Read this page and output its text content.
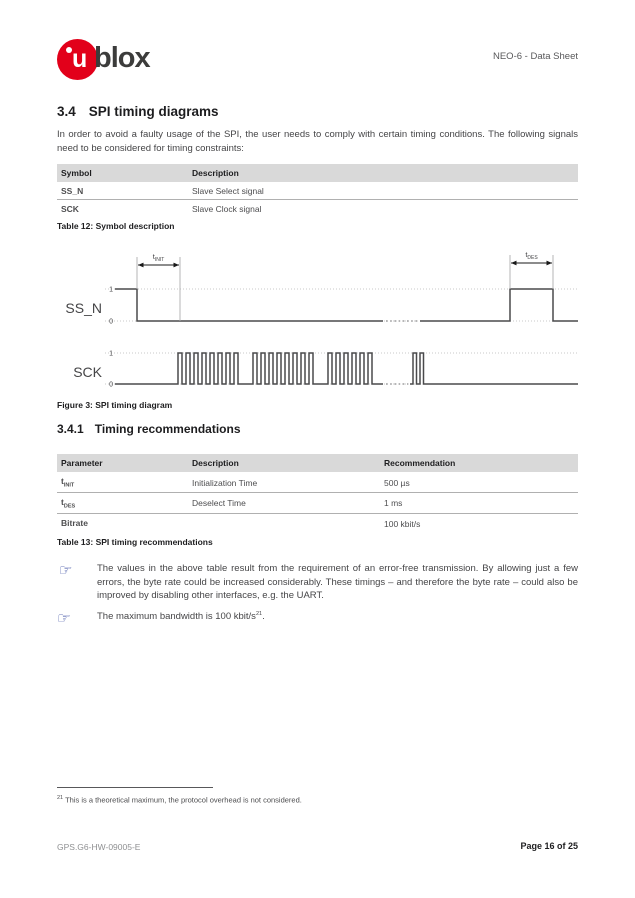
u blox	NEO-6 - Data Sheet
3.4 SPI timing diagrams

In order to avoid a faulty usage of the SPI, the user needs to comply with certain timing conditions. The following signals need to be considered for timing constraints:

Symbol	Description
SS_N	Slave Select signal
SCK	Slave Clock signal
Table 12: Symbol description
1
0
SS_N
1
0
SCK
$t_{INIT}$
$t_{DES}$
Figure 3: SPI timing diagram
3.4.1 Timing recommendations
Parameter	Description	Recommendation
$t_{INIT}$	Initialization Time	500 µs
$t_{DES}$	Deselect Time	1 ms
Bitrate		100 kbit/s
Table 13: SPI timing recommendations
☞	The values in the above table result from the requirement of an error-free transmission. By allowing just a few errors, the byte rate could be increased considerably. These timings – and therefore the byte rate – could also be improved by disabling other interfaces, e.g. the UART.
☞	The maximum bandwidth is 100 kbit/s$^{21}$.
$^{21}$ This is a theoretical maximum, the protocol overhead is not considered.
GPS.G6-HW-09005-E	Page 16 of 25
